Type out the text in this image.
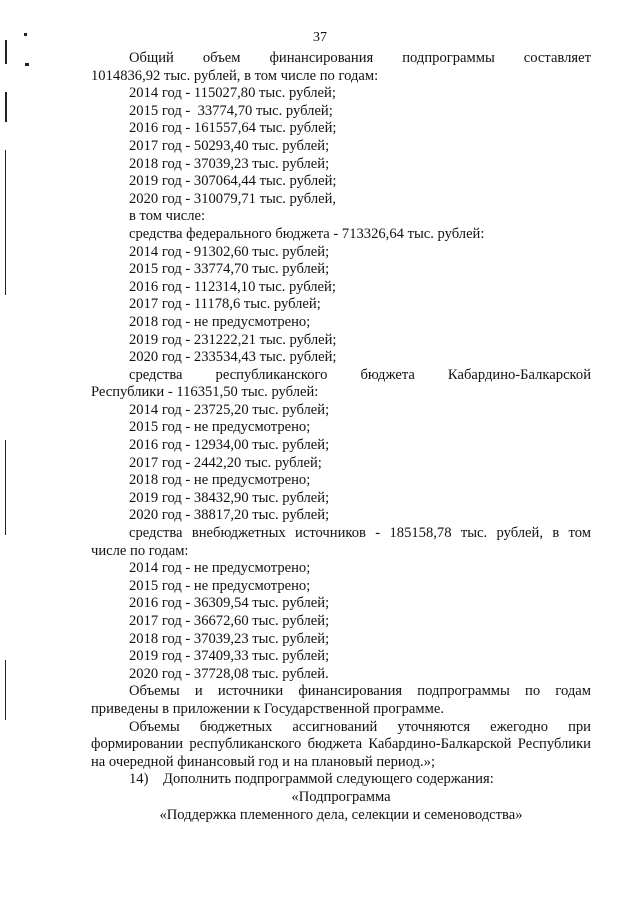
37
Общий объем финансирования подпрограммы составляет
1014836,92 тыс. рублей, в том числе по годам:
2014 год - 115027,80 тыс. рублей;
2015 год -  33774,70 тыс. рублей;
2016 год - 161557,64 тыс. рублей;
2017 год - 50293,40 тыс. рублей;
2018 год - 37039,23 тыс. рублей;
2019 год - 307064,44 тыс. рублей;
2020 год - 310079,71 тыс. рублей,
в том числе:
средства федерального бюджета - 713326,64 тыс. рублей:
2014 год - 91302,60 тыс. рублей;
2015 год - 33774,70 тыс. рублей;
2016 год - 112314,10 тыс. рублей;
2017 год - 11178,6 тыс. рублей;
2018 год - не предусмотрено;
2019 год - 231222,21 тыс. рублей;
2020 год - 233534,43 тыс. рублей;
средства республиканского бюджета Кабардино-Балкарской
Республики - 116351,50 тыс. рублей:
2014 год - 23725,20 тыс. рублей;
2015 год - не предусмотрено;
2016 год - 12934,00 тыс. рублей;
2017 год - 2442,20 тыс. рублей;
2018 год - не предусмотрено;
2019 год - 38432,90 тыс. рублей;
2020 год - 38817,20 тыс. рублей;
средства внебюджетных источников - 185158,78 тыс. рублей, в том
числе по годам:
2014 год - не предусмотрено;
2015 год - не предусмотрено;
2016 год - 36309,54 тыс. рублей;
2017 год - 36672,60 тыс. рублей;
2018 год - 37039,23 тыс. рублей;
2019 год - 37409,33 тыс. рублей;
2020 год - 37728,08 тыс. рублей.
Объемы и источники финансирования подпрограммы по годам приведены в приложении к Государственной программе.
Объемы бюджетных ассигнований уточняются ежегодно при формировании республиканского бюджета Кабардино-Балкарской Республики на очередной финансовый год и на плановый период.»;
14)    Дополнить подпрограммой следующего содержания:
«Подпрограмма
«Поддержка племенного дела, селекции и семеноводства»
